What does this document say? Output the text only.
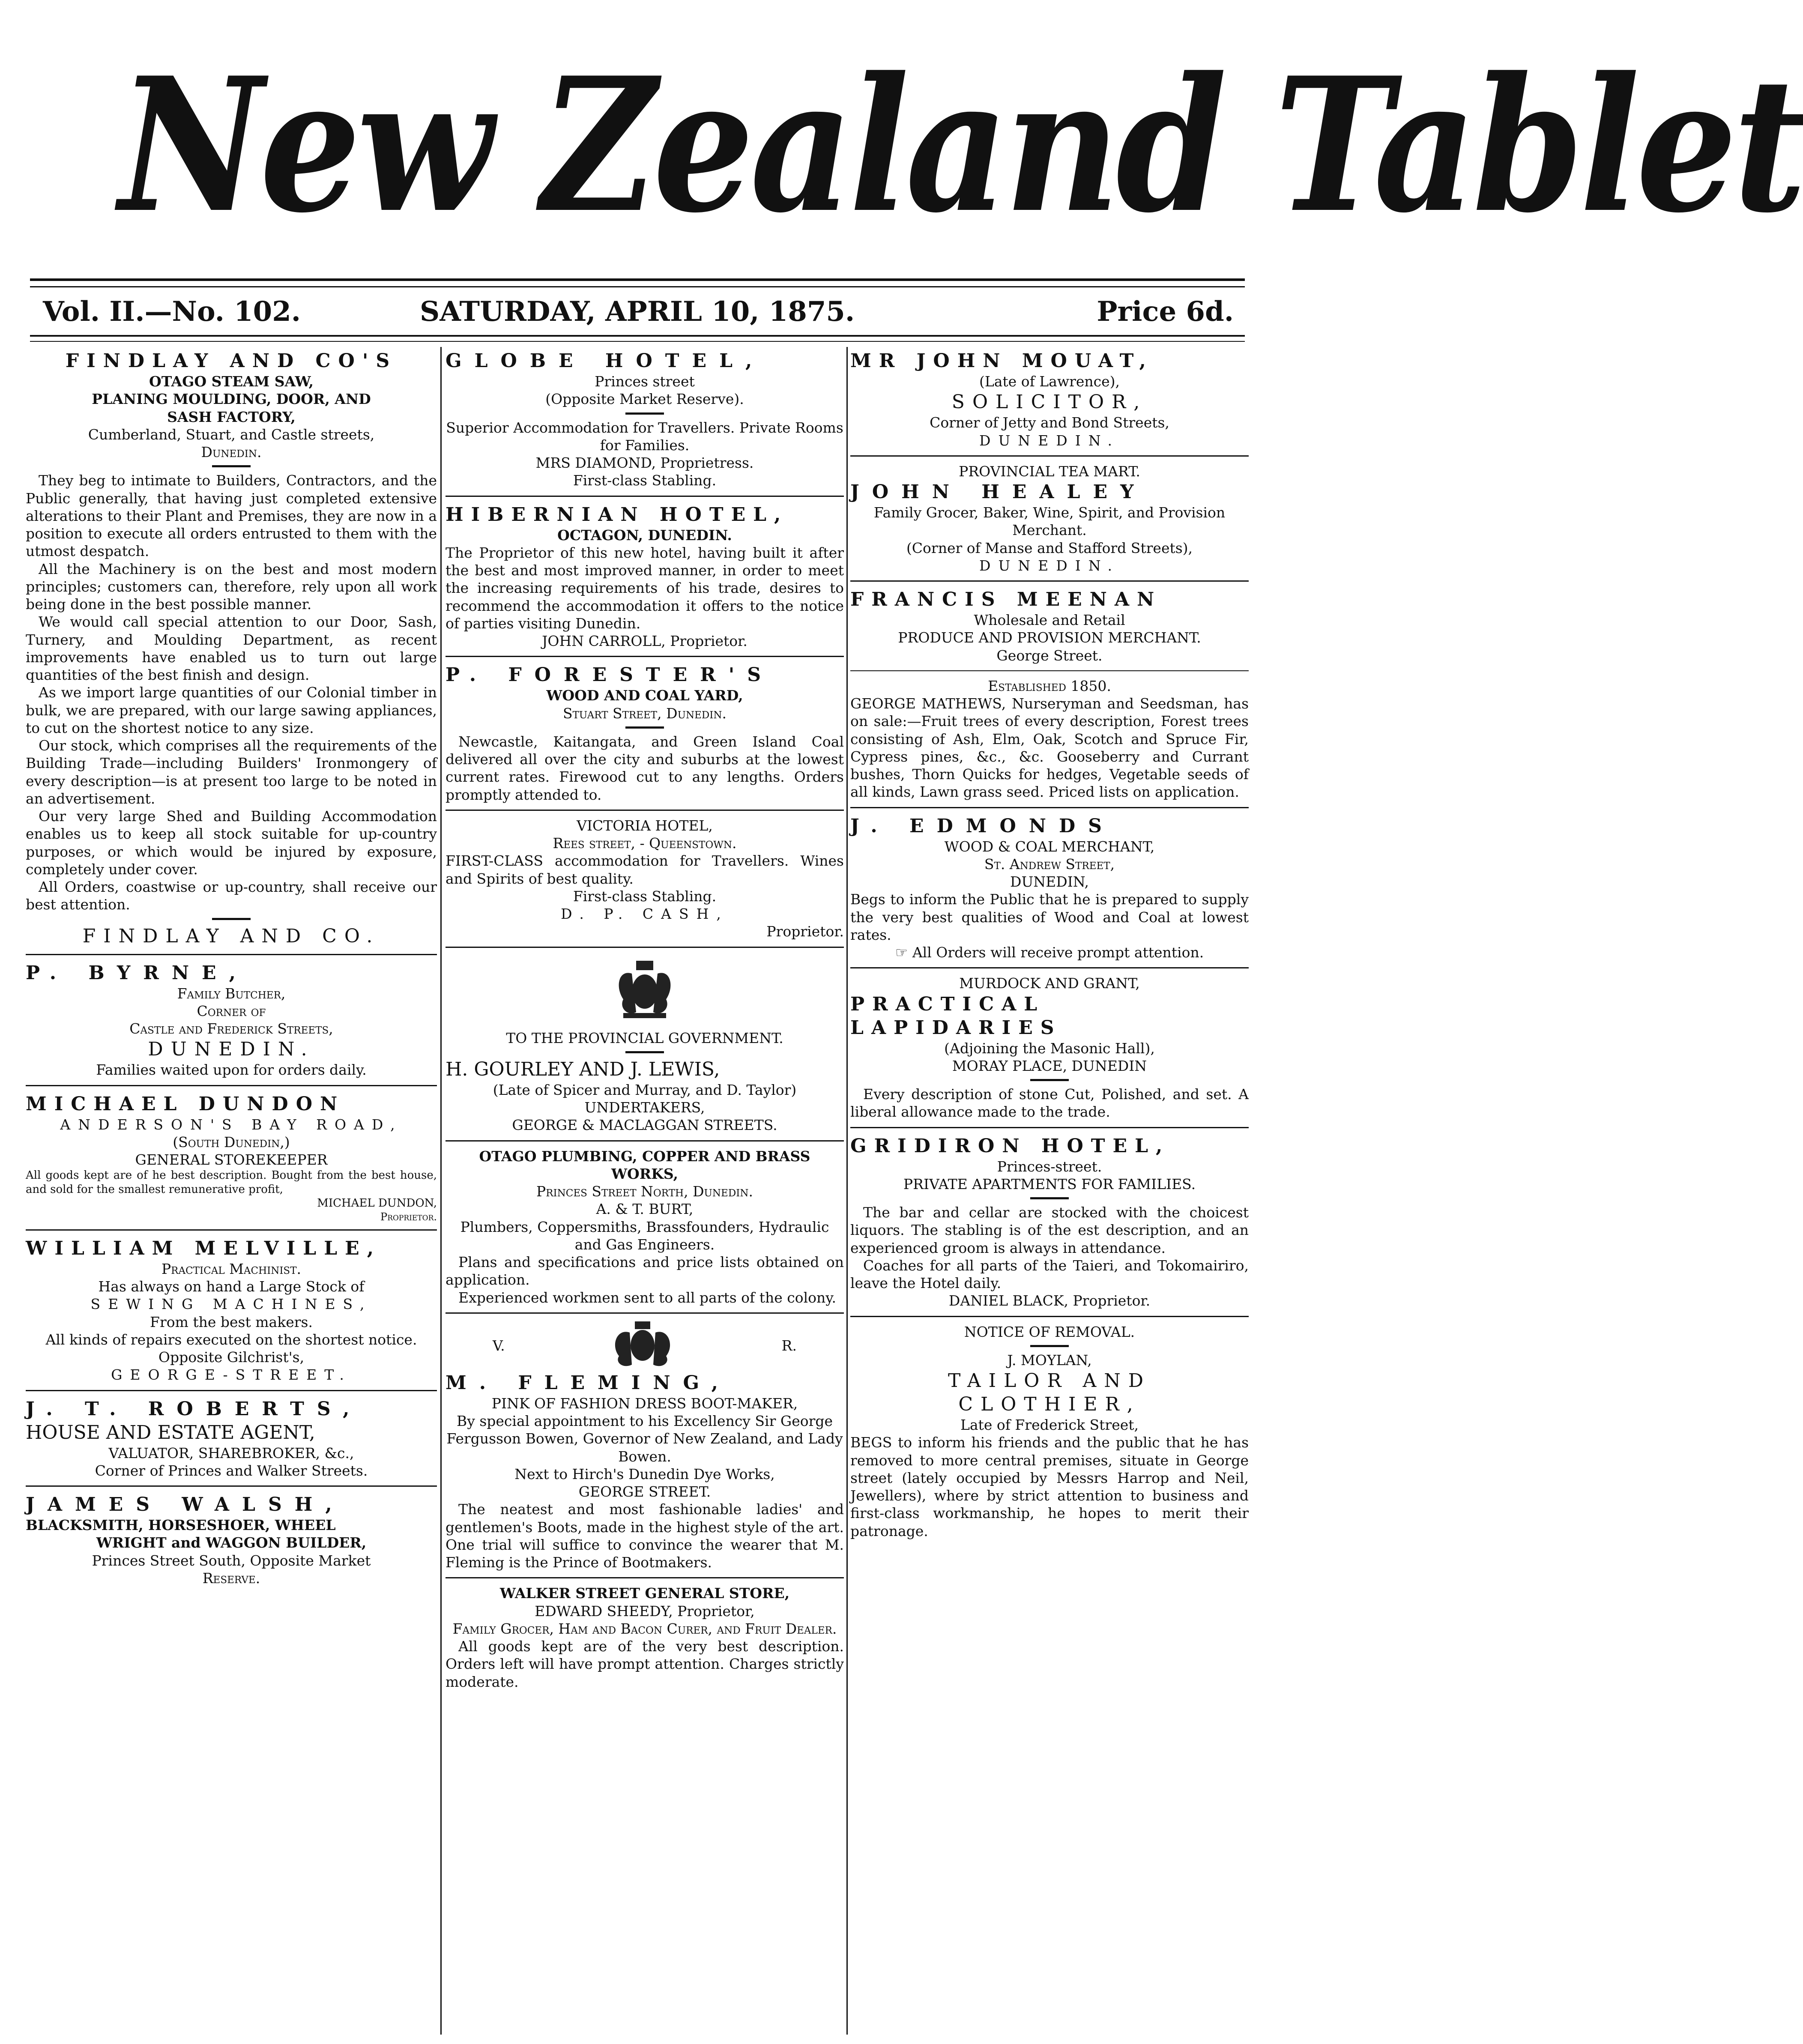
New Zealand Tablet
Vol. II.—No. 102.	SATURDAY, APRIL 10, 1875.	Price 6d.

FINDLAY AND CO'S

OTAGO STEAM SAW,

PLANING MOULDING, DOOR, AND

SASH FACTORY,

Cumberland, Stuart, and Castle streets,

Dunedin.

They beg to intimate to Builders, Contractors, and the Public generally, that having just completed extensive alterations to their Plant and Premises, they are now in a position to execute all orders entrusted to them with the utmost despatch.

All the Machinery is on the best and most modern principles; customers can, therefore, rely upon all work being done in the best possible manner.

We would call special attention to our Door, Sash, Turnery, and Moulding Department, as recent improvements have enabled us to turn out large quantities of the best finish and design.

As we import large quantities of our Colonial timber in bulk, we are prepared, with our large sawing appliances, to cut on the shortest notice to any size.

Our stock, which comprises all the requirements of the Building Trade—including Builders' Ironmongery of every description—is at present too large to be noted in an advertisement.

Our very large Shed and Building Accommodation enables us to keep all stock suitable for up-country purposes, or which would be injured by exposure, completely under cover.

All Orders, coastwise or up-country, shall receive our best attention.

FINDLAY AND CO.

P. BYRNE,

Family Butcher,

Corner of

Castle and Frederick Streets,

DUNEDIN.

Families waited upon for orders daily.

MICHAEL DUNDON

ANDERSON'S BAY ROAD,

(South Dunedin,)

GENERAL STOREKEEPER

All goods kept are of he best description. Bought from the best house, and sold for the smallest remunerative profit,

MICHAEL DUNDON,

Proprietor.

WILLIAM MELVILLE,

Practical Machinist.

Has always on hand a Large Stock of

SEWING MACHINES,

From the best makers.

All kinds of repairs executed on the shortest notice.

Opposite Gilchrist's,

GEORGE-STREET.

J. T. ROBERTS,

HOUSE AND ESTATE AGENT,

VALUATOR, SHAREBROKER, &c.,

Corner of Princes and Walker Streets.

JAMES WALSH,

BLACKSMITH, HORSESHOER, WHEEL

WRIGHT and WAGGON BUILDER,

Princes Street South, Opposite Market

Reserve.

GLOBE HOTEL,

Princes street

(Opposite Market Reserve).

Superior Accommodation for Travellers. Private Rooms for Families.

MRS DIAMOND, Proprietress.

First-class Stabling.

HIBERNIAN HOTEL,

OCTAGON, DUNEDIN.

The Proprietor of this new hotel, having built it after the best and most improved manner, in order to meet the increasing requirements of his trade, desires to recommend the accommodation it offers to the notice of parties visiting Dunedin.

JOHN CARROLL, Proprietor.

P. FORESTER'S

WOOD AND COAL YARD,

Stuart Street, Dunedin.

Newcastle, Kaitangata, and Green Island Coal delivered all over the city and suburbs at the lowest current rates. Firewood cut to any lengths. Orders promptly attended to.

VICTORIA HOTEL,

Rees street, - Queenstown.

FIRST-CLASS accommodation for Travellers. Wines and Spirits of best quality.

First-class Stabling.

D. P. CASH,

Proprietor.

TO THE PROVINCIAL GOVERNMENT.

H. GOURLEY AND J. LEWIS,

(Late of Spicer and Murray, and D. Taylor)

UNDERTAKERS,

GEORGE & MACLAGGAN STREETS.

OTAGO PLUMBING, COPPER AND BRASS WORKS,

Princes Street North, Dunedin.

A. & T. BURT,

Plumbers, Coppersmiths, Brassfounders, Hydraulic and Gas Engineers.

Plans and specifications and price lists obtained on application.

Experienced workmen sent to all parts of the colony.

V.	R.

M. FLEMING,

PINK OF FASHION DRESS BOOT-MAKER,

By special appointment to his Excellency Sir George Fergusson Bowen, Governor of New Zealand, and Lady Bowen.

Next to Hirch's Dunedin Dye Works,

GEORGE STREET.

The neatest and most fashionable ladies' and gentlemen's Boots, made in the highest style of the art. One trial will suffice to convince the wearer that M. Fleming is the Prince of Bootmakers.

WALKER STREET GENERAL STORE,

EDWARD SHEEDY, Proprietor,

Family Grocer, Ham and Bacon Curer, and Fruit Dealer.

All goods kept are of the very best description. Orders left will have prompt attention. Charges strictly moderate.

MR JOHN MOUAT,

(Late of Lawrence),

SOLICITOR,

Corner of Jetty and Bond Streets,

DUNEDIN.

PROVINCIAL TEA MART.

JOHN HEALEY

Family Grocer, Baker, Wine, Spirit, and Provision Merchant.

(Corner of Manse and Stafford Streets),

DUNEDIN.

FRANCIS MEENAN

Wholesale and Retail

PRODUCE AND PROVISION MERCHANT.

George Street.

Established 1850.

GEORGE MATHEWS, Nurseryman and Seedsman, has on sale:—Fruit trees of every description, Forest trees consisting of Ash, Elm, Oak, Scotch and Spruce Fir, Cypress pines, &c., &c. Gooseberry and Currant bushes, Thorn Quicks for hedges, Vegetable seeds of all kinds, Lawn grass seed. Priced lists on application.

J. EDMONDS

WOOD & COAL MERCHANT,

St. Andrew Street,

DUNEDIN,

Begs to inform the Public that he is prepared to supply the very best qualities of Wood and Coal at lowest rates.

☞ All Orders will receive prompt attention.

MURDOCK AND GRANT,

PRACTICAL LAPIDARIES

(Adjoining the Masonic Hall),

MORAY PLACE, DUNEDIN

Every description of stone Cut, Polished, and set. A liberal allowance made to the trade.

GRIDIRON HOTEL,

Princes-street.

PRIVATE APARTMENTS FOR FAMILIES.

The bar and cellar are stocked with the choicest liquors. The stabling is of the est description, and an experienced groom is always in attendance.

Coaches for all parts of the Taieri, and Tokomairiro, leave the Hotel daily.

DANIEL BLACK, Proprietor.

NOTICE OF REMOVAL.

J. MOYLAN,

TAILOR AND CLOTHIER,

Late of Frederick Street,

BEGS to inform his friends and the public that he has removed to more central premises, situate in George street (lately occupied by Messrs Harrop and Neil, Jewellers), where by strict attention to business and first-class workmanship, he hopes to merit their patronage.
